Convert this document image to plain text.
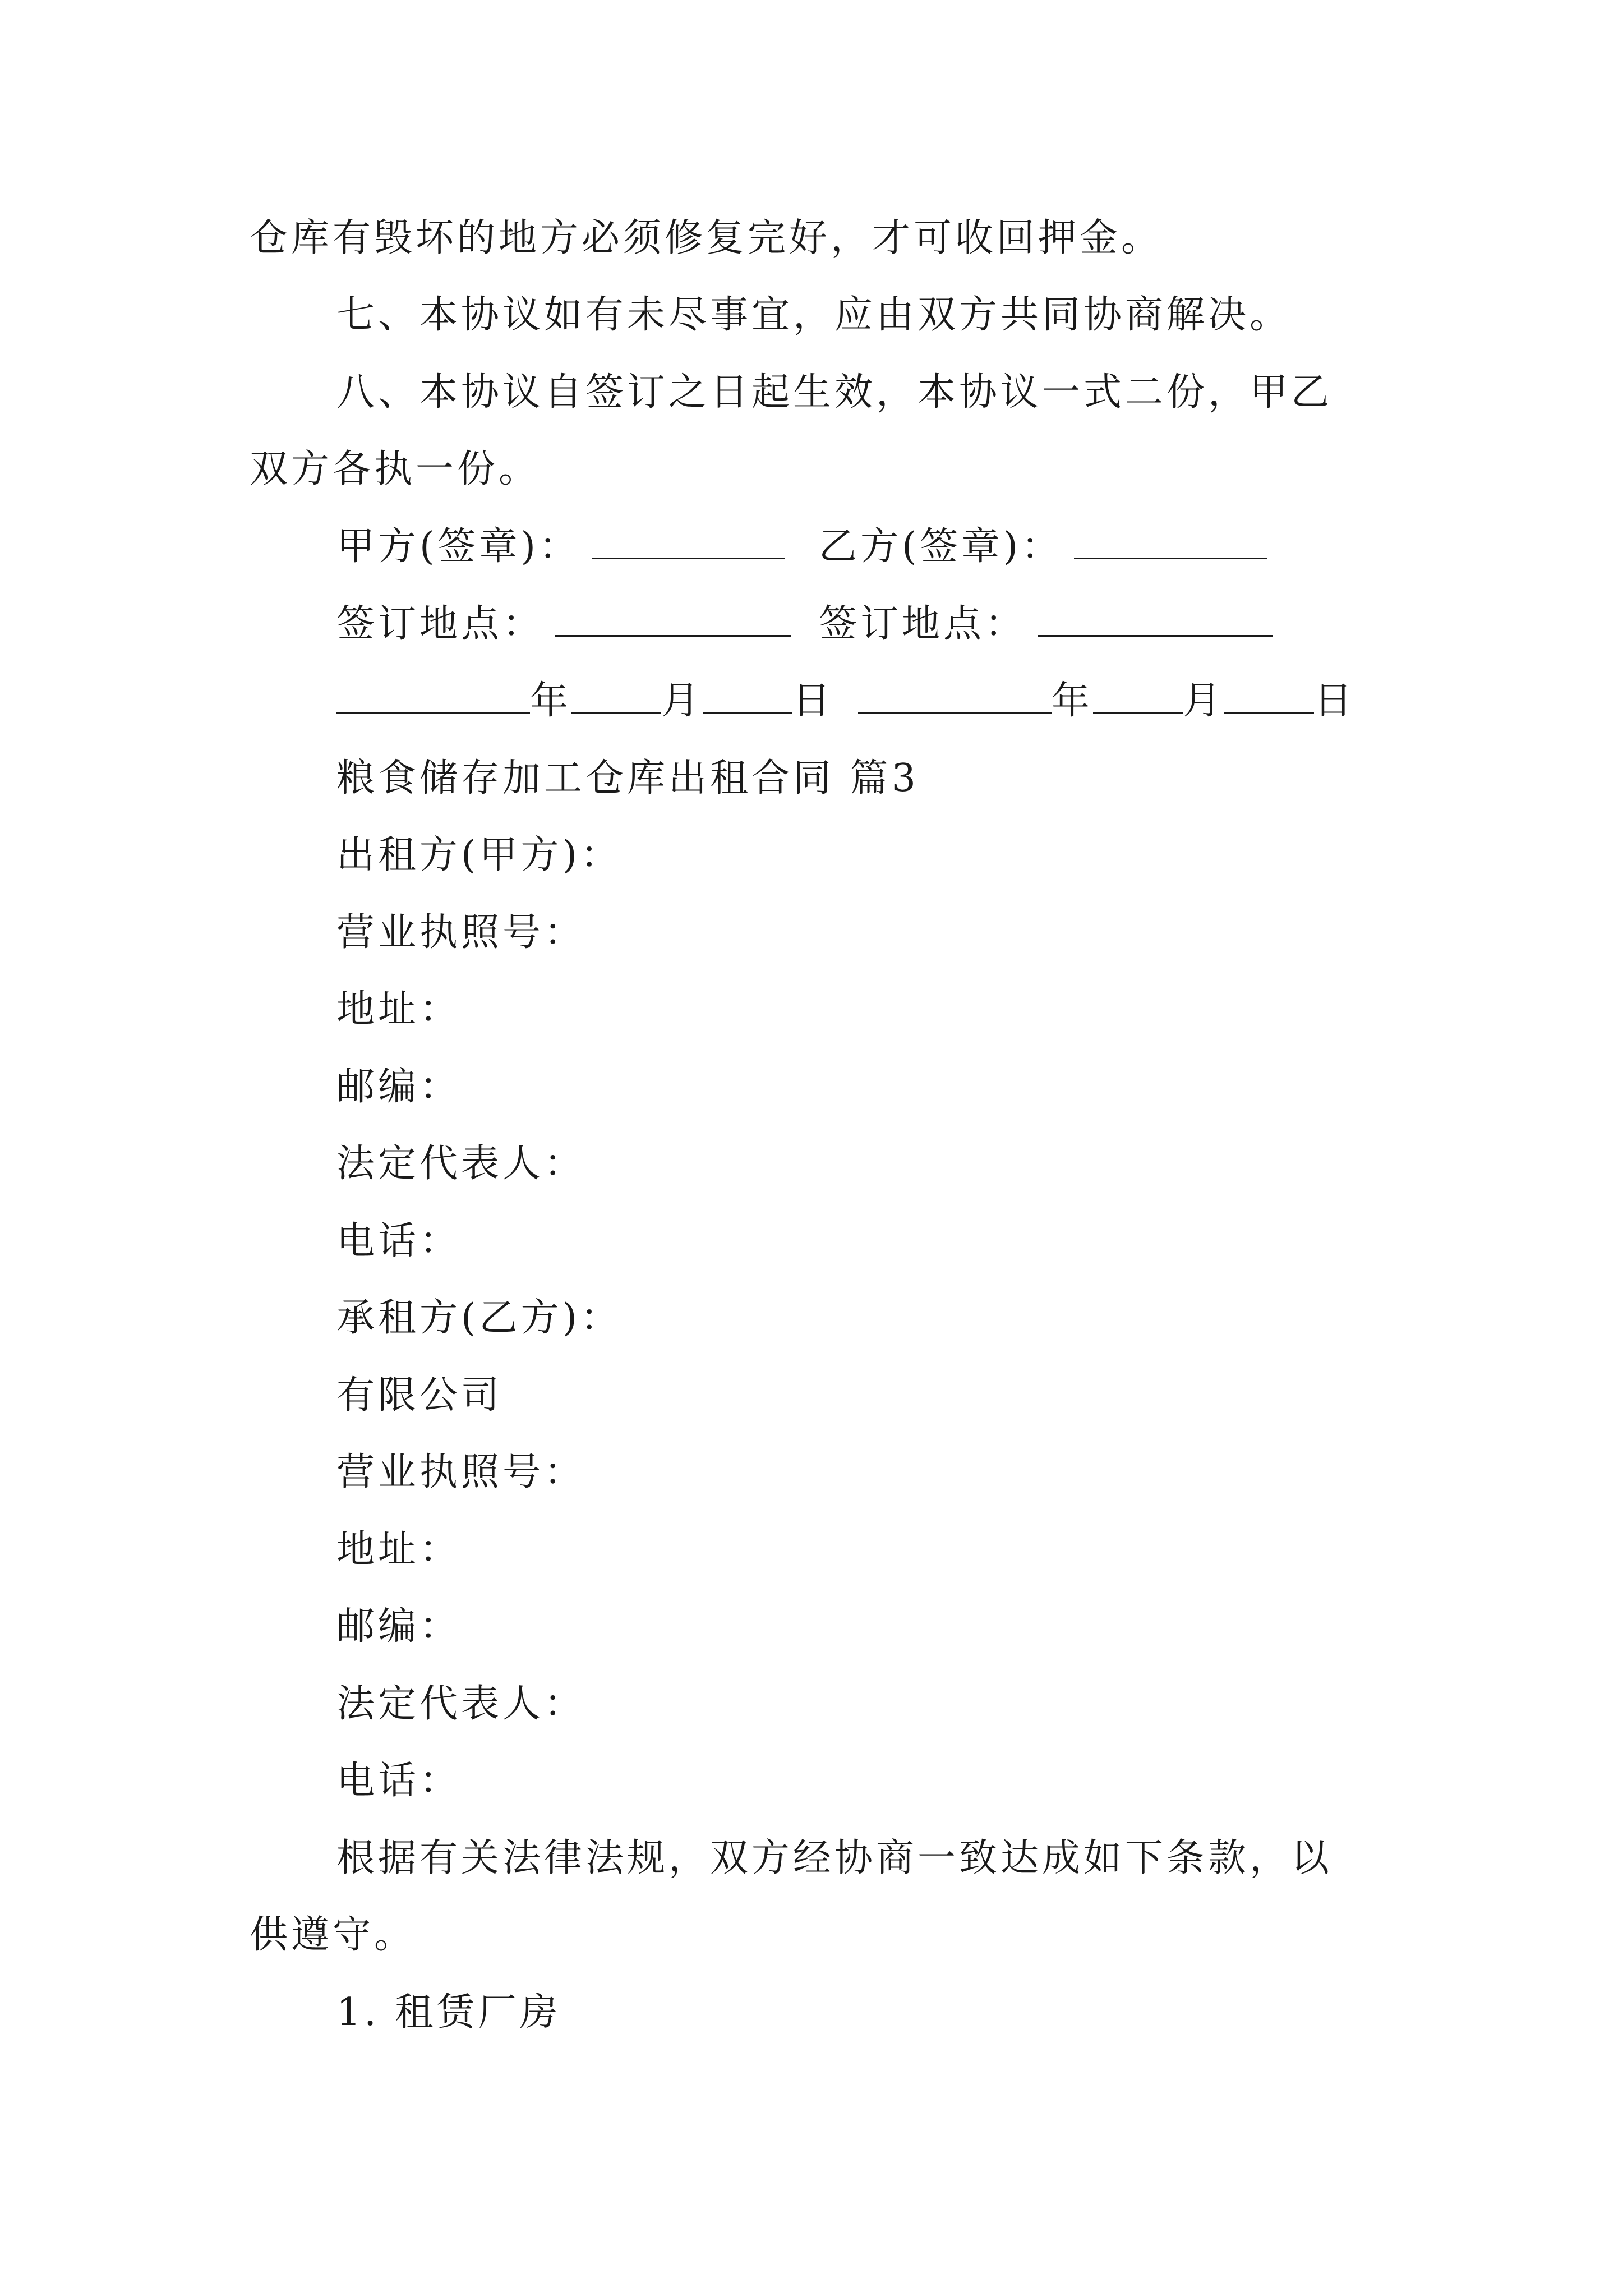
仓库有毁坏的地方必须修复完好，才可收回押金。
七、本协议如有未尽事宜，应由双方共同协商解决。
八、本协议自签订之日起生效，本协议一式二份，甲乙
双方各执一份。
甲方(签章)：	乙方(签章)：
签订地点：	签订地点：
年 月 日	年 月 日
粮食储存加工仓库出租合同 篇3
出租方(甲方)：
营业执照号：
地址：
邮编：
法定代表人：
电话：
承租方(乙方)：
有限公司
营业执照号：
地址：
邮编：
法定代表人：
电话：
根据有关法律法规，双方经协商一致达成如下条款，以
供遵守。
1. 租赁厂房
